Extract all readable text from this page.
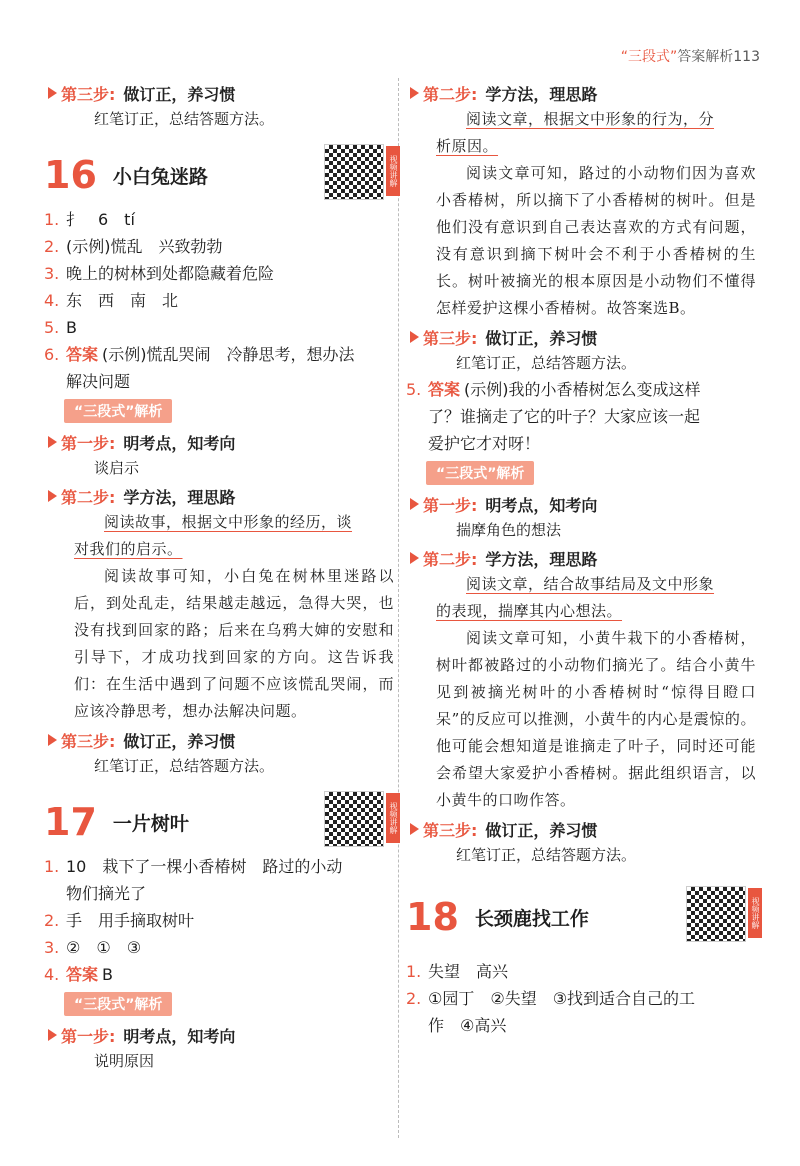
“三段式”答案解析113
第三步: 做订正，养习惯
红笔订正，总结答题方法。
16 小白兔迷路	视频讲解
1. 扌　6　tí
2. (示例)慌乱　兴致勃勃
3. 晚上的树林到处都隐藏着危险
4. 东　西　南　北
5. B
6. 答案 (示例)慌乱哭闹　冷静思考，想办法
解决问题
“三段式”解析
第一步: 明考点，知考向
谈启示
第二步: 学方法，理思路
阅读故事，根据文中形象的经历，谈
对我们的启示。
阅读故事可知，小白兔在树林里迷路以后，到处乱走，结果越走越远，急得大哭，也没有找到回家的路；后来在乌鸦大婶的安慰和引导下，才成功找到回家的方向。这告诉我们：在生活中遇到了问题不应该慌乱哭闹，而应该冷静思考，想办法解决问题。
第三步: 做订正，养习惯
红笔订正，总结答题方法。
17 一片树叶	视频讲解
1. 10　栽下了一棵小香椿树　路过的小动
物们摘光了
2. 手　用手摘取树叶
3. ②　①　③
4. 答案 B
“三段式”解析
第一步: 明考点，知考向
说明原因
第二步: 学方法，理思路
阅读文章，根据文中形象的行为，分
析原因。
阅读文章可知，路过的小动物们因为喜欢小香椿树，所以摘下了小香椿树的树叶。但是他们没有意识到自己表达喜欢的方式有问题，没有意识到摘下树叶会不利于小香椿树的生长。树叶被摘光的根本原因是小动物们不懂得怎样爱护这棵小香椿树。故答案选B。
第三步: 做订正，养习惯
红笔订正，总结答题方法。
5. 答案 (示例)我的小香椿树怎么变成这样
了？谁摘走了它的叶子？大家应该一起
爱护它才对呀！
“三段式”解析
第一步: 明考点，知考向
揣摩角色的想法
第二步: 学方法，理思路
阅读文章，结合故事结局及文中形象
的表现，揣摩其内心想法。
阅读文章可知，小黄牛栽下的小香椿树，树叶都被路过的小动物们摘光了。结合小黄牛见到被摘光树叶的小香椿树时“惊得目瞪口呆”的反应可以推测，小黄牛的内心是震惊的。他可能会想知道是谁摘走了叶子，同时还可能会希望大家爱护小香椿树。据此组织语言，以小黄牛的口吻作答。
第三步: 做订正，养习惯
红笔订正，总结答题方法。
18 长颈鹿找工作	视频讲解
1. 失望　高兴
2. ①园丁　②失望　③找到适合自己的工
作　④高兴
